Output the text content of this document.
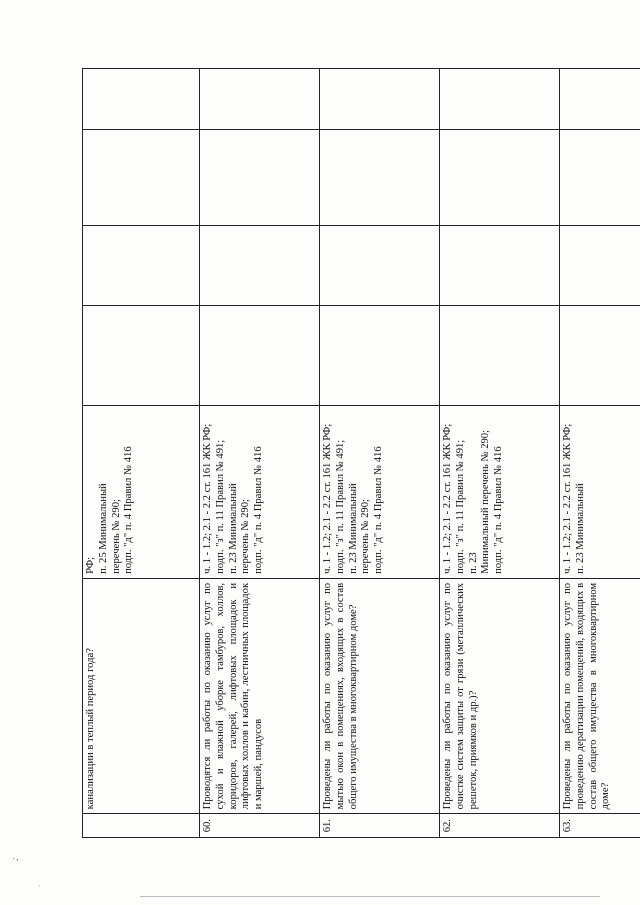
	канализации в теплый период года?	РФ; п. 25 Минимальный перечень № 290; подп. "д" п. 4 Правил № 416				

60.	Проводятся ли работы по оказанию услуг по сухой и влажной уборке тамбуров, холлов, коридоров, галерей, лифтовых площадок и лифтовых холлов и кабин, лестничных площадок и маршей, пандусов	ч. 1 - 1.2; 2.1 - 2.2 ст. 161 ЖК РФ; подп. "з" п. 11 Правил № 491; п. 23 Минимальный перечень № 290; подп. "д" п. 4 Правил № 416				

61.	Проведены ли работы по оказанию услуг по мытью окон в помещениях, входящих в состав общего имущества в многоквартирном доме?	ч. 1 - 1.2; 2.1 - 2.2 ст. 161 ЖК РФ; подп. "з" п. 11 Правил № 491; п. 23 Минимальный перечень № 290; подп. "д" п. 4 Правил № 416				

62.	Проведены ли работы по оказанию услуг по очистке систем защиты от грязи (металлических решеток, приямков и др.)?	ч. 1 - 1.2; 2.1 - 2.2 ст. 161 ЖК РФ; подп. "з" п. 11 Правил № 491; п. 23 Минимальный перечень № 290; подп. "д" п. 4 Правил № 416				

63.	Проведены ли работы по оказанию услуг по проведению дератизации помещений, входящих в состав общего имущества в многоквартирном доме?	ч. 1 - 1.2; 2.1 - 2.2 ст. 161 ЖК РФ; п. 23 Минимальный				

·,
·
